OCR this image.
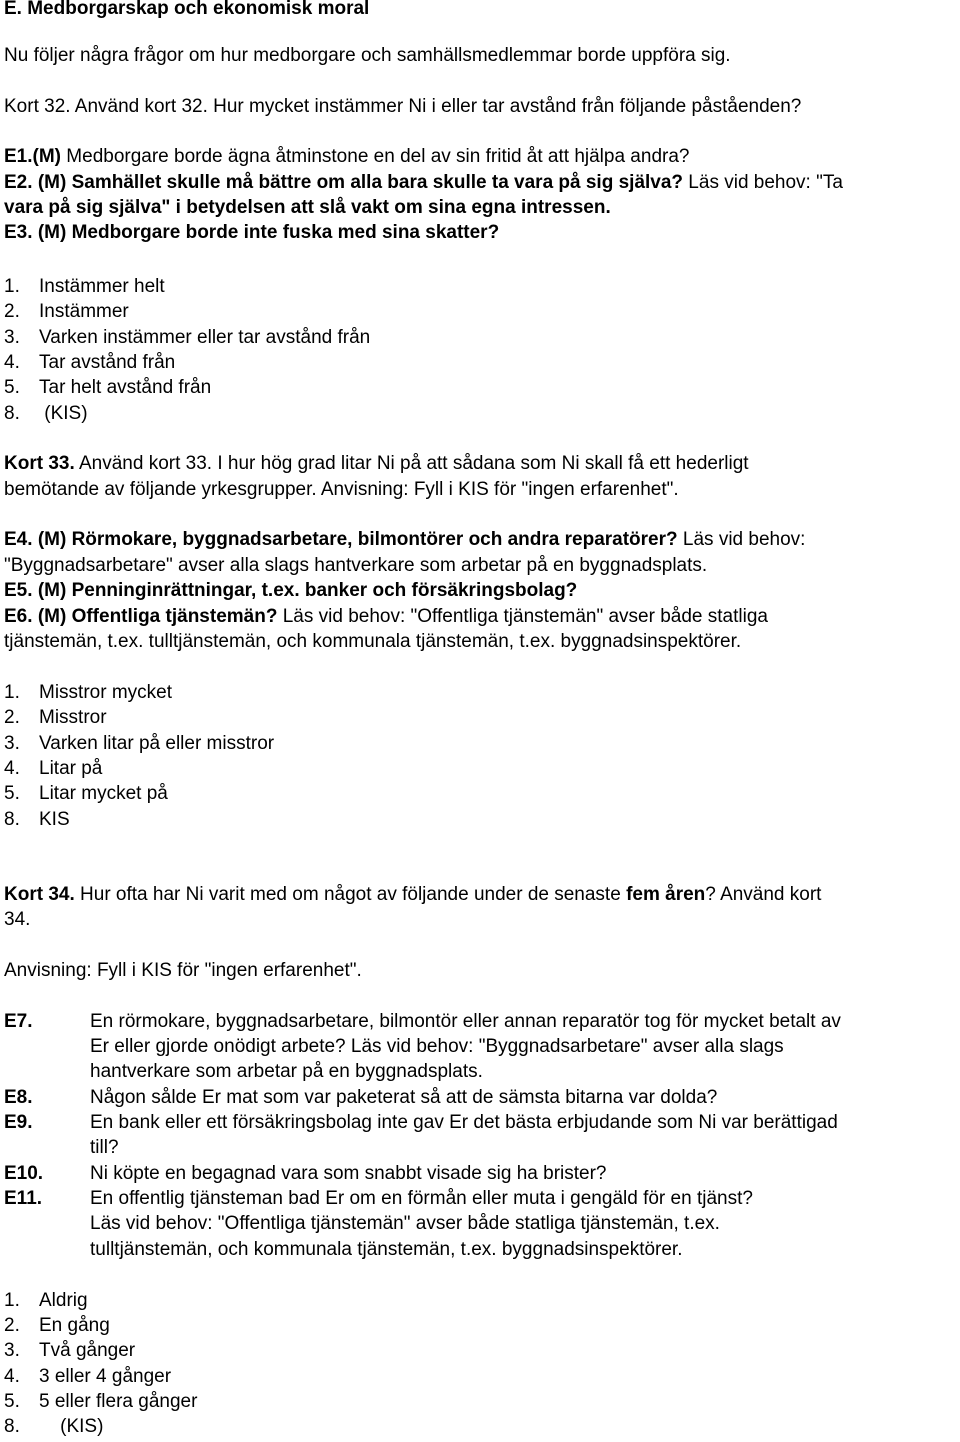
E. Medborgarskap och ekonomisk moral
Nu följer några frågor om hur medborgare och samhällsmedlemmar borde uppföra sig.
Kort 32. Använd kort 32. Hur mycket instämmer Ni i eller tar avstånd från följande påståenden?
E1.(M) Medborgare borde ägna åtminstone en del av sin fritid åt att hjälpa andra?
E2. (M) Samhället skulle må bättre om alla bara skulle ta vara på sig själva? Läs vid behov: "Ta
vara på sig själva" i betydelsen att slå vakt om sina egna intressen.
E3. (M) Medborgare borde inte fuska med sina skatter?
1. Instämmer helt
2. Instämmer
3. Varken instämmer eller tar avstånd från
4. Tar avstånd från
5. Tar helt avstånd från
8. (KIS)
Kort 33. Använd kort 33. I hur hög grad litar Ni på att sådana som Ni skall få ett hederligt
bemötande av följande yrkesgrupper. Anvisning: Fyll i KIS för "ingen erfarenhet".
E4. (M) Rörmokare, byggnadsarbetare, bilmontörer och andra reparatörer? Läs vid behov:
"Byggnadsarbetare" avser alla slags hantverkare som arbetar på en byggnadsplats.
E5. (M) Penninginrättningar, t.ex. banker och försäkringsbolag?
E6. (M) Offentliga tjänstemän? Läs vid behov: "Offentliga tjänstemän" avser både statliga
tjänstemän, t.ex. tulltjänstemän, och kommunala tjänstemän, t.ex. byggnadsinspektörer.
1. Misstror mycket
2. Misstror
3. Varken litar på eller misstror
4. Litar på
5. Litar mycket på
8. KIS
Kort 34. Hur ofta har Ni varit med om något av följande under de senaste fem åren? Använd kort
34.
Anvisning: Fyll i KIS för "ingen erfarenhet".
E7.	En rörmokare, byggnadsarbetare, bilmontör eller annan reparatör tog för mycket betalt av
Er eller gjorde onödigt arbete? Läs vid behov: "Byggnadsarbetare" avser alla slags
hantverkare som arbetar på en byggnadsplats.
E8.	Någon sålde Er mat som var paketerat så att de sämsta bitarna var dolda?
E9.	En bank eller ett försäkringsbolag inte gav Er det bästa erbjudande som Ni var berättigad
till?
E10. Ni köpte en begagnad vara som snabbt visade sig ha brister?
E11.	En offentlig tjänsteman bad Er om en förmån eller muta i gengäld för en tjänst?
Läs vid behov: "Offentliga tjänstemän" avser både statliga tjänstemän, t.ex.
tulltjänstemän, och kommunala tjänstemän, t.ex. byggnadsinspektörer.
1. Aldrig
2. En gång
3. Två gånger
4. 3 eller 4 gånger
5. 5 eller flera gånger
8.    (KIS)
